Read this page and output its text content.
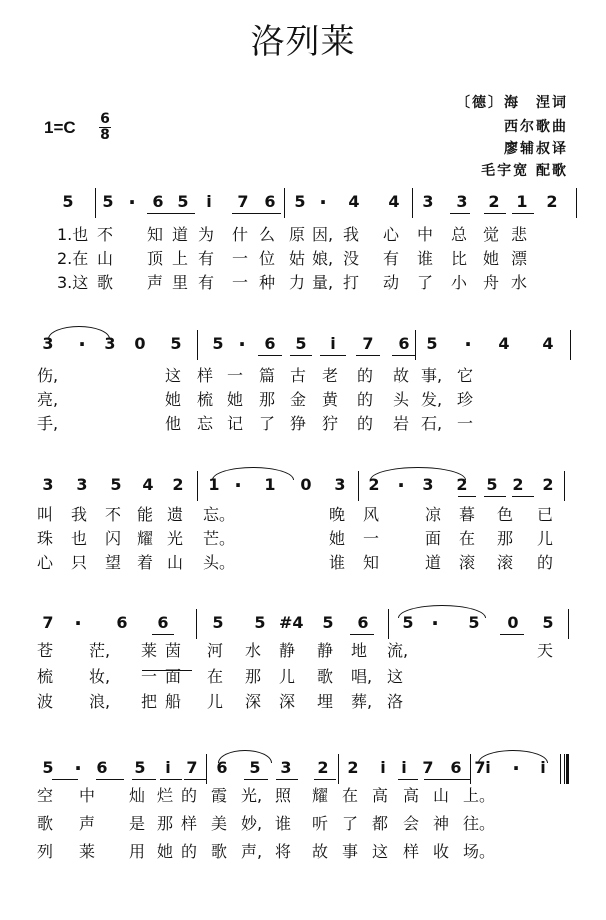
洛列莱
1=C 6
8
〔德〕海　涅词
西尔歌曲
廖辅叔译
毛宇宽 配歌
5	5 ·	6 5	i	7 6	5 ·	4	4	3	3	2	1	2
1.也 不 知 道 为 什 么 原 因, 我 心 中 总 觉 悲
2.在 山 顶 上 有 一 位 姑 娘, 没 有 谁 比 她 漂
3.这 歌 声 里 有 一 种 力 量, 打 动 了 小 舟 水
3	·	3	0	5	5 ·	6	5	i	7	6	5	·	4	4
伤,	这 样 一 篇 古 老 的 故 事, 它
亮,	她 梳 她 那 金 黄 的 头 发, 珍
手,	他 忘 记 了 狰 狞 的 岩 石, 一
3	3	5	4	2	1 ·	1	0	3	2 ·	3	2	5 2	2
叫 我 不 能 遗 忘。	晚 风	凉 暮 色 已
珠 也 闪 耀 光 芒。	她 一	面 在 那 儿
心 只 望 着 山 头。	谁 知	道 滚 滚 的
7	·	6	6	5	5 #4	5	6	5 ·	5	0	5
苍 茫, 莱 茵 河 水 静 静 地 流,	天
梳 妆, 一 面 在 那 儿 歌 唱, 这
波 浪, 把 船 儿 深 深 埋 葬, 洛
5	· 6	5	i 7	6	5	3	2	2	i i 7	6 7 i	·	i
空 中 灿 烂 的 霞 光, 照 耀 在 高 高 山 上。
歌 声 是 那 样 美 妙, 谁 听 了 都 会 神 往。
列 莱 用 她 的 歌 声, 将 故 事 这 样 收 场。
